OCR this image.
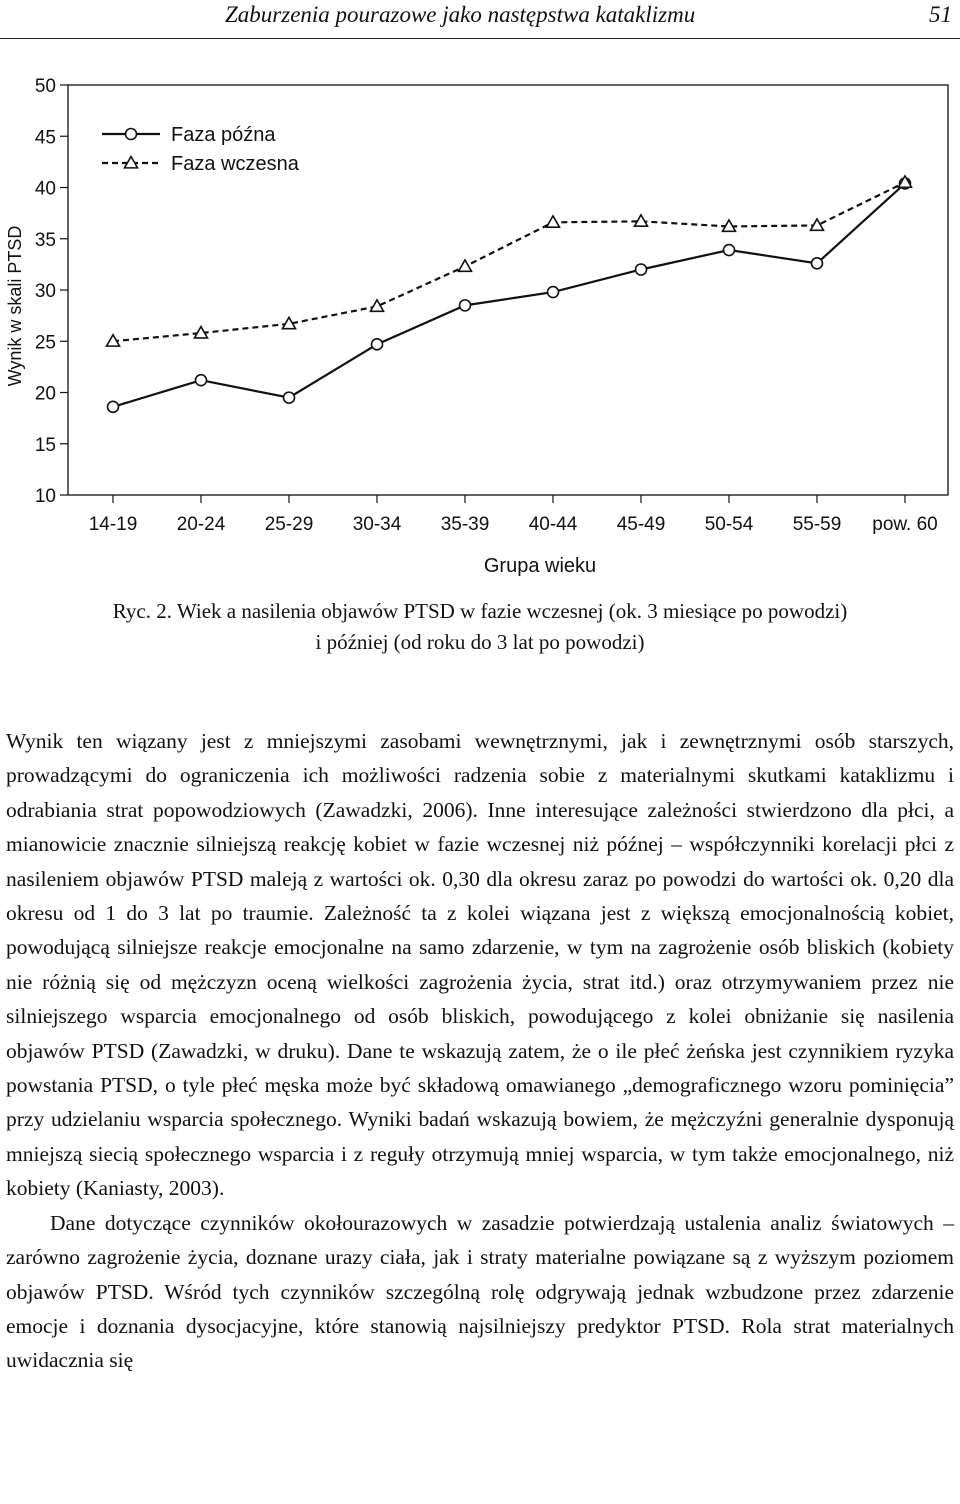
Zaburzenia pourazowe jako następstwa kataklizmu	51
10
15
20
25
30
35
40
45
50
14-19 20-24 25-29 30-34 35-39 40-44 45-49 50-54 55-59 pow. 60
Grupa wieku
Wynik w skali PTSD
Faza późna
Faza wczesna
Ryc. 2. Wiek a nasilenia objawów PTSD w fazie wczesnej (ok. 3 miesiące po powodzi)
i później (od roku do 3 lat po powodzi)

Wynik ten wiązany jest z mniejszymi zasobami wewnętrznymi, jak i zewnętrznymi osób starszych, prowadzącymi do ograniczenia ich możliwości radzenia sobie z materialnymi skutkami kataklizmu i odrabiania strat popowodziowych (Zawadzki, 2006). Inne interesujące zależności stwierdzono dla płci, a mianowicie znacznie silniejszą reakcję kobiet w fazie wczesnej niż późnej – współczynniki korelacji płci z nasileniem objawów PTSD maleją z wartości ok. 0,30 dla okresu zaraz po powodzi do wartości ok. 0,20 dla okresu od 1 do 3 lat po traumie. Zależność ta z kolei wiązana jest z większą emocjonalnością kobiet, powodującą silniejsze reakcje emocjonalne na samo zdarzenie, w tym na zagrożenie osób bliskich (kobiety nie różnią się od mężczyzn oceną wielkości zagrożenia życia, strat itd.) oraz otrzymywaniem przez nie silniejszego wsparcia emocjonalnego od osób bliskich, powodującego z kolei obniżanie się nasilenia objawów PTSD (Zawadzki, w druku). Dane te wskazują zatem, że o ile płeć żeńska jest czynnikiem ryzyka powstania PTSD, o tyle płeć męska może być składową omawianego „demograficznego wzoru pominięcia” przy udzielaniu wsparcia społecznego. Wyniki badań wskazują bowiem, że mężczyźni generalnie dysponują mniejszą siecią społecznego wsparcia i z reguły otrzymują mniej wsparcia, w tym także emocjonalnego, niż kobiety (Kaniasty, 2003).

Dane dotyczące czynników okołourazowych w zasadzie potwierdzają ustalenia analiz światowych – zarówno zagrożenie życia, doznane urazy ciała, jak i straty materialne powiązane są z wyższym poziomem objawów PTSD. Wśród tych czynników szczególną rolę odgrywają jednak wzbudzone przez zdarzenie emocje i doznania dysocjacyjne, które stanowią najsilniejszy predyktor PTSD. Rola strat materialnych uwidacznia się
